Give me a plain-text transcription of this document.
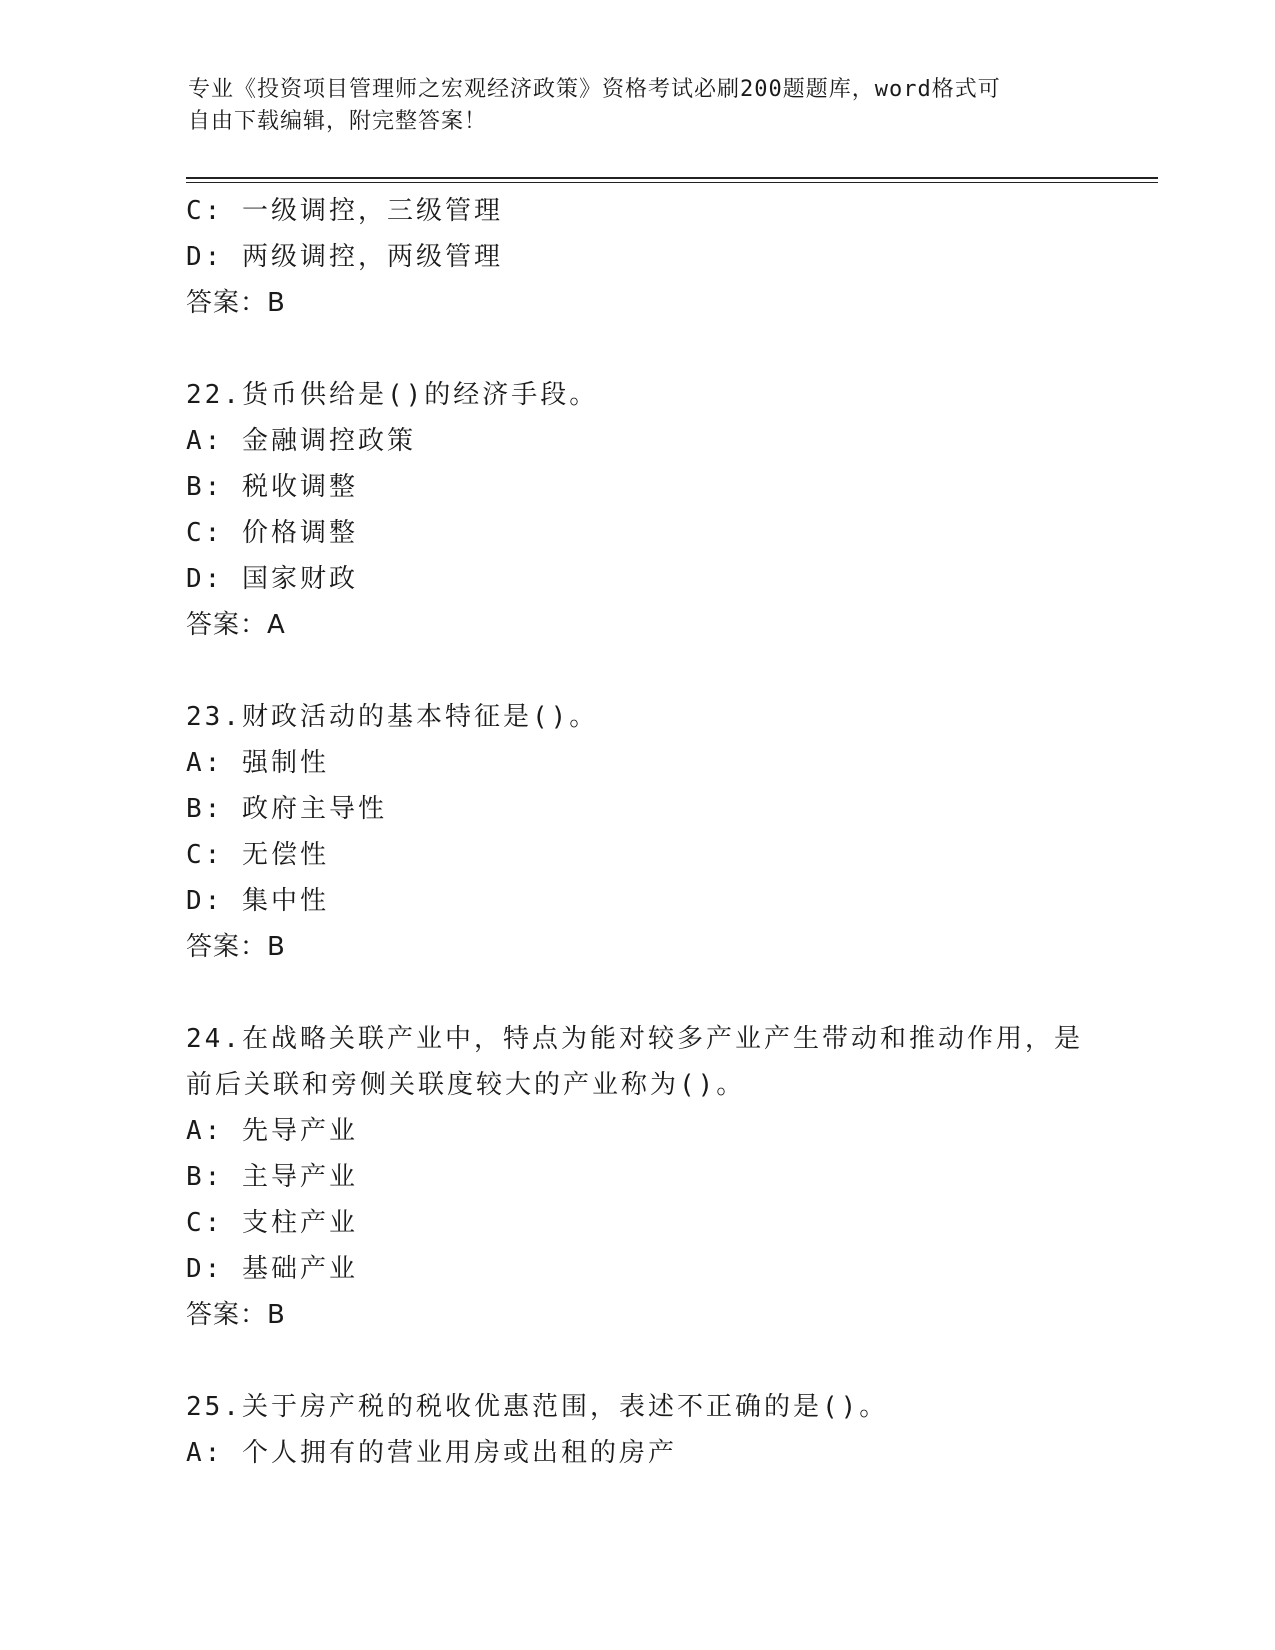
专业《投资项目管理师之宏观经济政策》资格考试必刷200题题库，word格式可
自由下载编辑，附完整答案！
C: 一级调控，三级管理
D: 两级调控，两级管理
答案：B
22.货币供给是()的经济手段。
A: 金融调控政策
B: 税收调整
C: 价格调整
D: 国家财政
答案：A
23.财政活动的基本特征是()。
A: 强制性
B: 政府主导性
C: 无偿性
D: 集中性
答案：B
24.在战略关联产业中，特点为能对较多产业产生带动和推动作用，是
前后关联和旁侧关联度较大的产业称为()。
A: 先导产业
B: 主导产业
C: 支柱产业
D: 基础产业
答案：B
25.关于房产税的税收优惠范围，表述不正确的是()。
A: 个人拥有的营业用房或出租的房产
